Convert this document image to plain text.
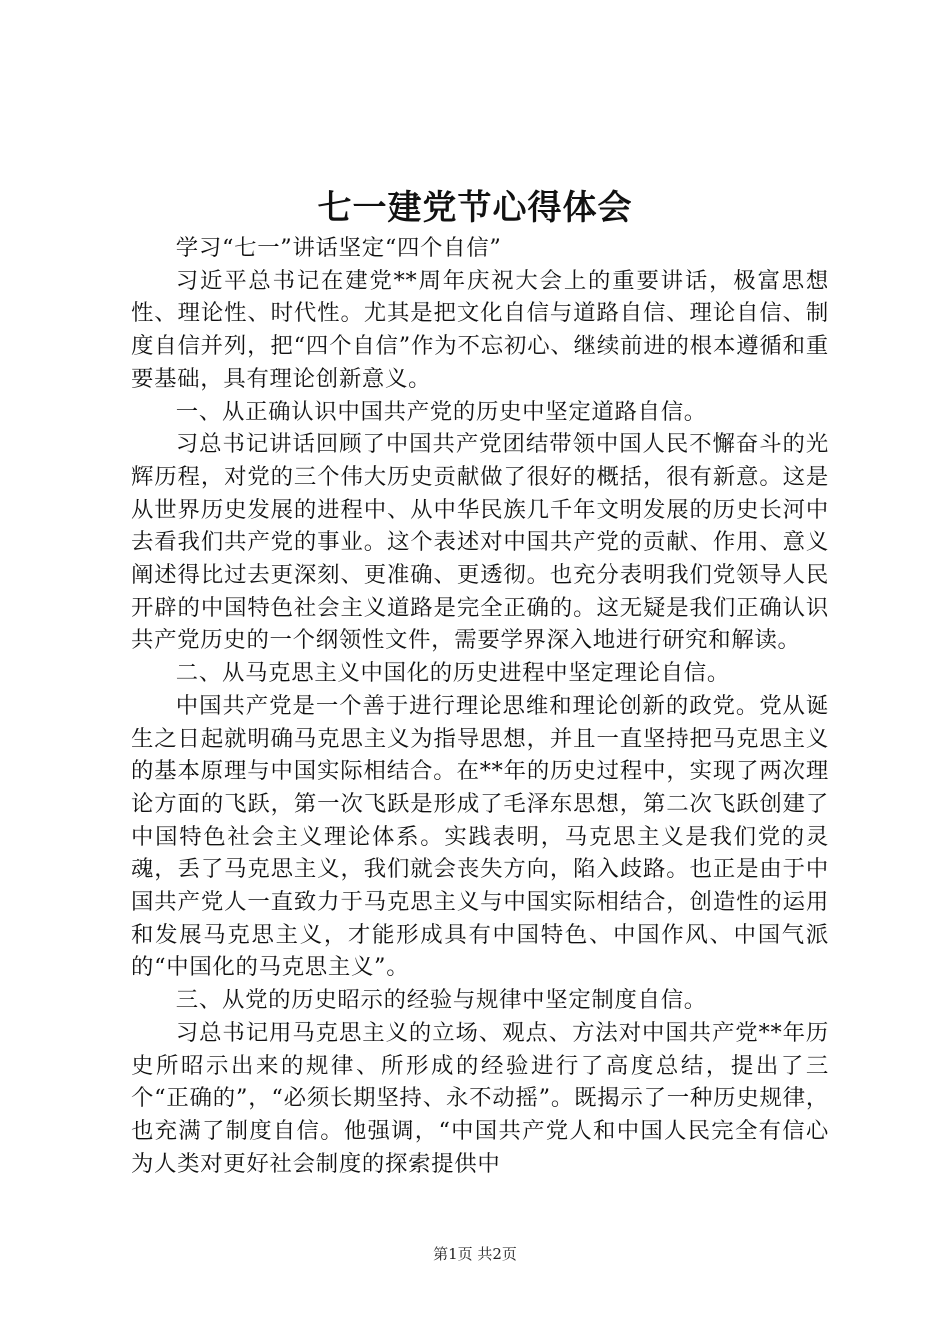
七一建党节心得体会

学习“七一”讲话坚定“四个自信”

习近平总书记在建党**周年庆祝大会上的重要讲话，极富思想性、理论性、时代性。尤其是把文化自信与道路自信、理论自信、制度自信并列，把“四个自信”作为不忘初心、继续前进的根本遵循和重要基础，具有理论创新意义。

一、从正确认识中国共产党的历史中坚定道路自信。

习总书记讲话回顾了中国共产党团结带领中国人民不懈奋斗的光辉历程，对党的三个伟大历史贡献做了很好的概括，很有新意。这是从世界历史发展的进程中、从中华民族几千年文明发展的历史长河中去看我们共产党的事业。这个表述对中国共产党的贡献、作用、意义阐述得比过去更深刻、更准确、更透彻。也充分表明我们党领导人民开辟的中国特色社会主义道路是完全正确的。这无疑是我们正确认识共产党历史的一个纲领性文件，需要学界深入地进行研究和解读。

二、从马克思主义中国化的历史进程中坚定理论自信。

中国共产党是一个善于进行理论思维和理论创新的政党。党从诞生之日起就明确马克思主义为指导思想，并且一直坚持把马克思主义的基本原理与中国实际相结合。在**年的历史过程中，实现了两次理论方面的飞跃，第一次飞跃是形成了毛泽东思想，第二次飞跃创建了中国特色社会主义理论体系。实践表明，马克思主义是我们党的灵魂，丢了马克思主义，我们就会丧失方向，陷入歧路。也正是由于中国共产党人一直致力于马克思主义与中国实际相结合，创造性的运用和发展马克思主义，才能形成具有中国特色、中国作风、中国气派的“中国化的马克思主义”。

三、从党的历史昭示的经验与规律中坚定制度自信。

习总书记用马克思主义的立场、观点、方法对中国共产党**年历史所昭示出来的规律、所形成的经验进行了高度总结，提出了三个“正确的”，“必须长期坚持、永不动摇”。既揭示了一种历史规律，也充满了制度自信。他强调，“中国共产党人和中国人民完全有信心为人类对更好社会制度的探索提供中

第1页 共2页
